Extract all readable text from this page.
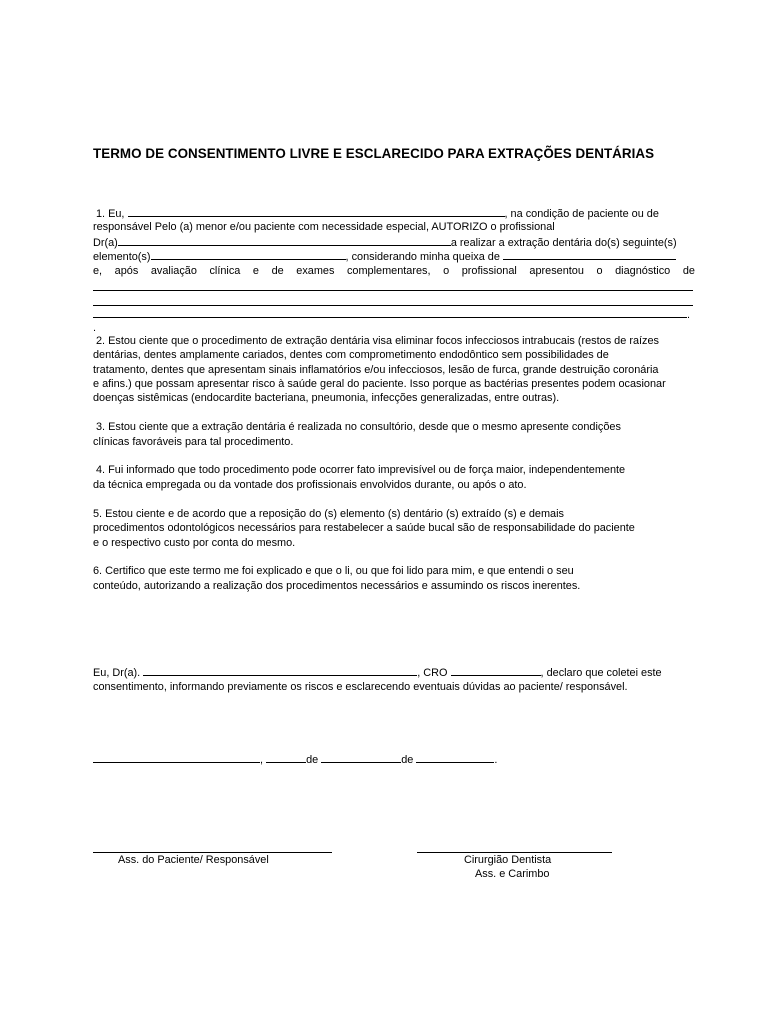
TERMO DE CONSENTIMENTO LIVRE E ESCLARECIDO PARA EXTRAÇÕES DENTÁRIAS
1. Eu,	, na condição de paciente ou de
responsável Pelo (a) menor e/ou paciente com necessidade especial, AUTORIZO o profissional
Dr(a)	a realizar a extração dentária do(s) seguinte(s)
elemento(s)	, considerando minha queixa de
e, após avaliação clínica e de exames complementares, o profissional apresentou o diagnóstico de
.
.
2. Estou ciente que o procedimento de extração dentária visa eliminar focos infecciosos intrabucais (restos de raízes
dentárias, dentes amplamente cariados, dentes com comprometimento endodôntico sem possibilidades de
tratamento, dentes que apresentam sinais inflamatórios e/ou infecciosos, lesão de furca, grande destruição coronária
e afins.) que possam apresentar risco à saúde geral do paciente. Isso porque as bactérias presentes podem ocasionar
doenças sistêmicas (endocardite bacteriana, pneumonia, infecções generalizadas, entre outras).
3. Estou ciente que a extração dentária é realizada no consultório, desde que o mesmo apresente condições
clínicas favoráveis para tal procedimento.
4. Fui informado que todo procedimento pode ocorrer fato imprevisível ou de força maior, independentemente
da técnica empregada ou da vontade dos profissionais envolvidos durante, ou após o ato.
5. Estou ciente e de acordo que a reposição do (s) elemento (s) dentário (s) extraído (s) e demais
procedimentos odontológicos necessários para restabelecer a saúde bucal são de responsabilidade do paciente
e o respectivo custo por conta do mesmo.
6. Certifico que este termo me foi explicado e que o li, ou que foi lido para mim, e que entendi o seu
conteúdo, autorizando a realização dos procedimentos necessários e assumindo os riscos inerentes.
Eu, Dr(a).	, CRO	, declaro que coletei este
consentimento, informando previamente os riscos e esclarecendo eventuais dúvidas ao paciente/ responsável.
,	de	de	.
Ass. do Paciente/ Responsável	Cirurgião Dentista
Ass. e Carimbo
